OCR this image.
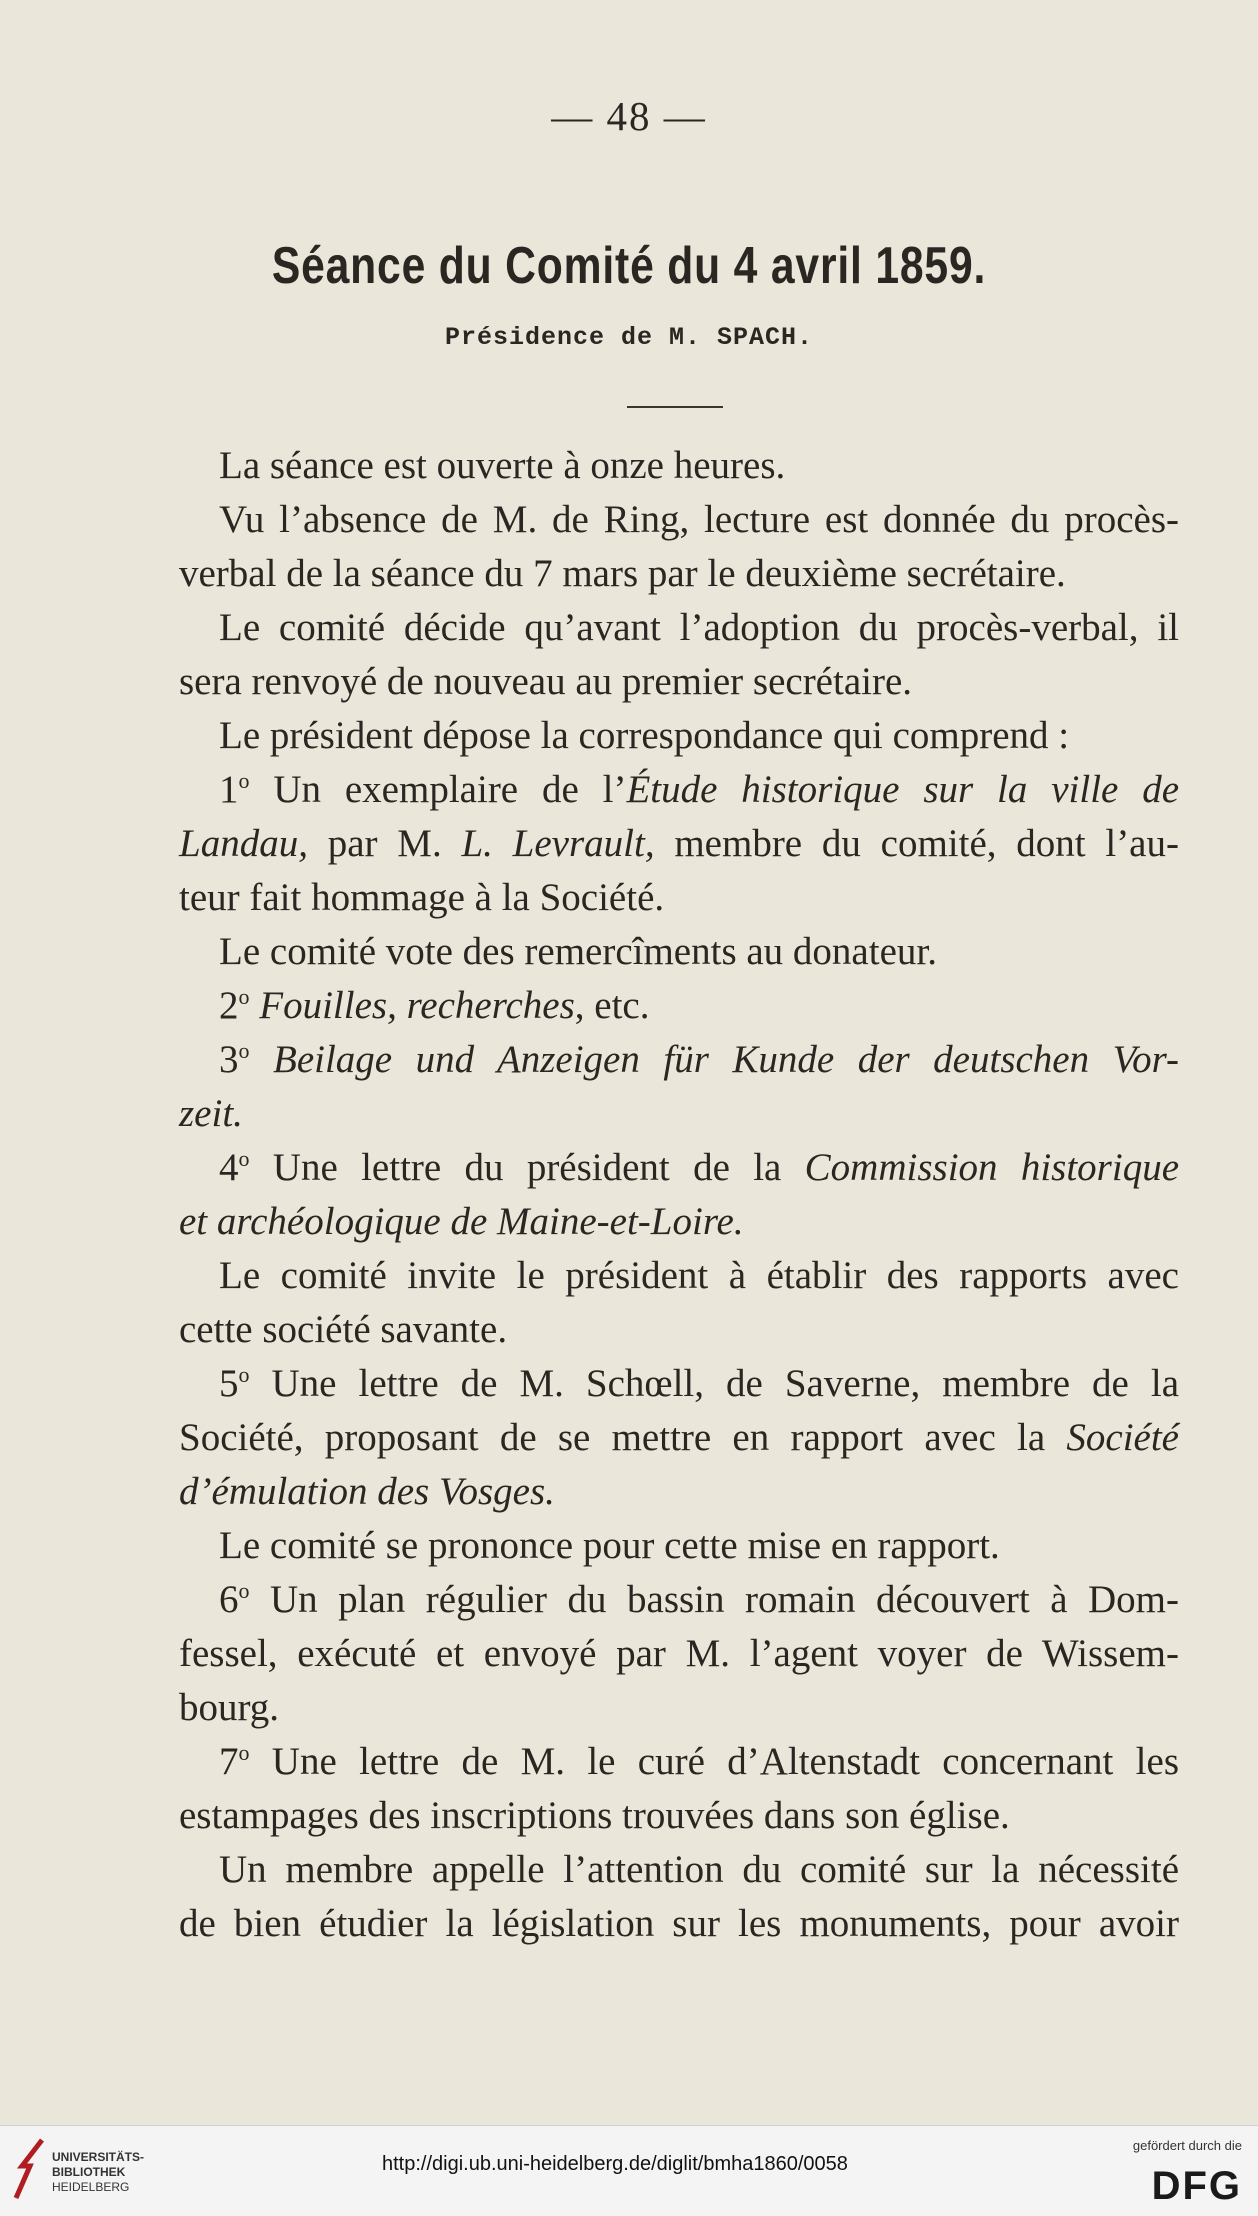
— 48 —
Séance du Comité du 4 avril 1859.
Présidence de M. SPACH.
La séance est ouverte à onze heures.
Vu l’absence de M. de Ring, lecture est donnée du procès-
verbal de la séance du 7 mars par le deuxième secrétaire.
Le comité décide qu’avant l’adoption du procès-verbal, il
sera renvoyé de nouveau au premier secrétaire.
Le président dépose la correspondance qui comprend :
1$^o$ Un exemplaire de l’Étude historique sur la ville de
Landau, par M. L. Levrault, membre du comité, dont l’au-
teur fait hommage à la Société.
Le comité vote des remercîments au donateur.
2$^o$ Fouilles, recherches, etc.
3$^o$ Beilage und Anzeigen für Kunde der deutschen Vor-
zeit.
4$^o$ Une lettre du président de la Commission historique
et archéologique de Maine-et-Loire.
Le comité invite le président à établir des rapports avec
cette société savante.
5$^o$ Une lettre de M. Schœll, de Saverne, membre de la
Société, proposant de se mettre en rapport avec la Société
d’émulation des Vosges.
Le comité se prononce pour cette mise en rapport.
6$^o$ Un plan régulier du bassin romain découvert à Dom-
fessel, exécuté et envoyé par M. l’agent voyer de Wissem-
bourg.
7$^o$ Une lettre de M. le curé d’Altenstadt concernant les
estampages des inscriptions trouvées dans son église.
Un membre appelle l’attention du comité sur la nécessité
de bien étudier la législation sur les monuments, pour avoir
UNIVERSITÄTS-
BIBLIOTHEK
HEIDELBERG
http://digi.ub.uni-heidelberg.de/diglit/bmha1860/0058
gefördert durch die
DFG
